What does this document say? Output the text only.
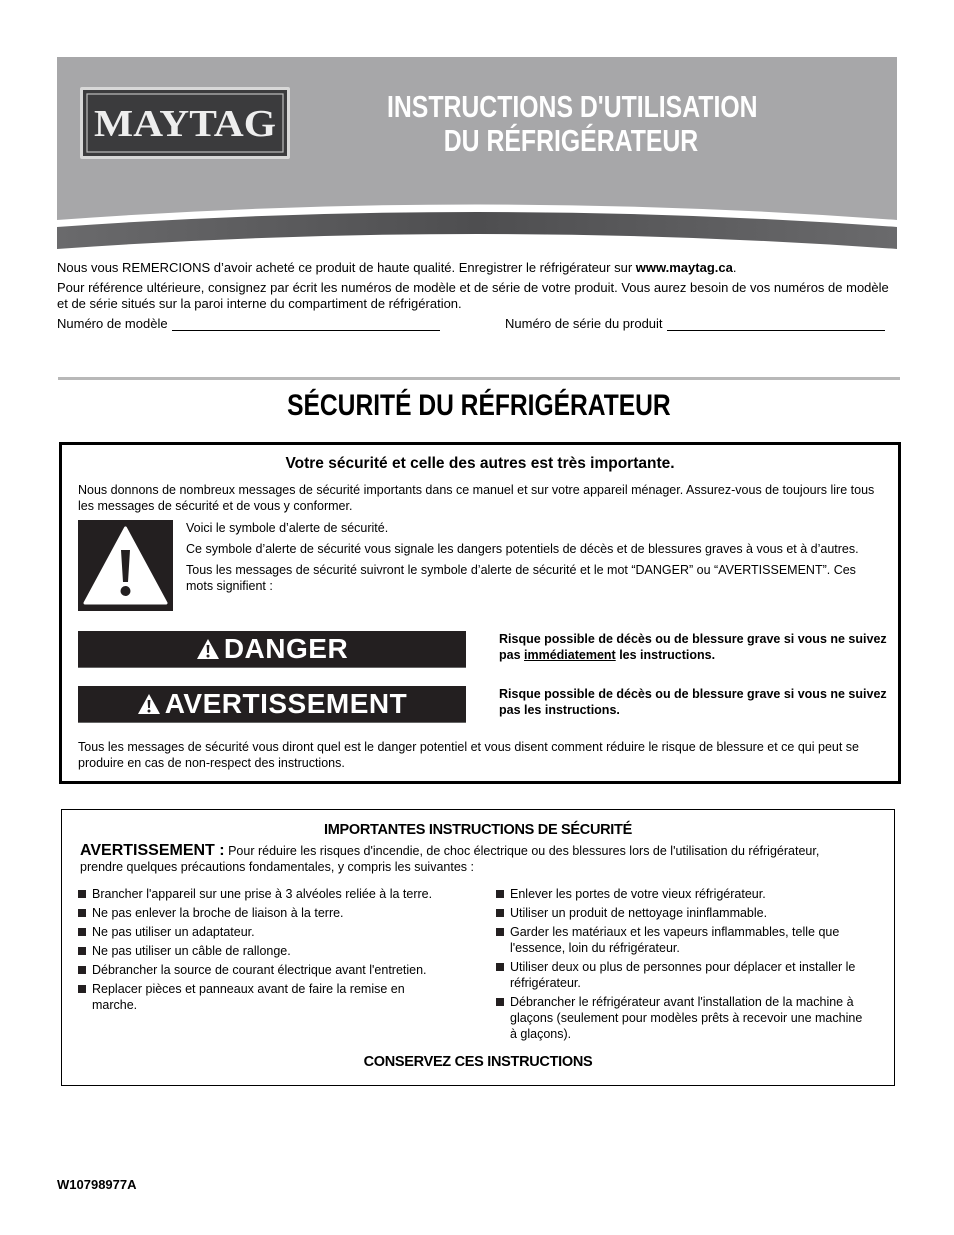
MAYTAG	INSTRUCTIONS D'UTILISATION
DU RÉFRIGÉRATEUR

Nous vous REMERCIONS d’avoir acheté ce produit de haute qualité. Enregistrer le réfrigérateur sur www.maytag.ca.

Pour référence ultérieure, consignez par écrit les numéros de modèle et de série de votre produit. Vous aurez besoin de vos numéros de modèle et de série situés sur la paroi interne du compartiment de réfrigération.

Numéro de modèle	Numéro de série du produit
SÉCURITÉ DU RÉFRIGÉRATEUR
Votre sécurité et celle des autres est très importante.

Nous donnons de nombreux messages de sécurité importants dans ce manuel et sur votre appareil ménager. Assurez-vous de toujours lire tous les messages de sécurité et de vous y conformer.

Voici le symbole d’alerte de sécurité.

Ce symbole d’alerte de sécurité vous signale les dangers potentiels de décès et de blessures graves à vous et à d’autres.

Tous les messages de sécurité suivront le symbole d’alerte de sécurité et le mot “DANGER” ou “AVERTISSEMENT”. Ces mots signifient :

DANGER	Risque possible de décès ou de blessure grave si vous ne suivez pas immédiatement les instructions.

AVERTISSEMENT	Risque possible de décès ou de blessure grave si vous ne suivez pas les instructions.

Tous les messages de sécurité vous diront quel est le danger potentiel et vous disent comment réduire le risque de blessure et ce qui peut se produire en cas de non-respect des instructions.

IMPORTANTES INSTRUCTIONS DE SÉCURITÉ

AVERTISSEMENT : Pour réduire les risques d'incendie, de choc électrique ou des blessures lors de l'utilisation du réfrigérateur, prendre quelques précautions fondamentales, y compris les suivantes :

Brancher l'appareil sur une prise à 3 alvéoles reliée à la terre.
Ne pas enlever la broche de liaison à la terre.
Ne pas utiliser un adaptateur.
Ne pas utiliser un câble de rallonge.
Débrancher la source de courant électrique avant l'entretien.
Replacer pièces et panneaux avant de faire la remise en marche.
Enlever les portes de votre vieux réfrigérateur.
Utiliser un produit de nettoyage ininflammable.
Garder les matériaux et les vapeurs inflammables, telle que l'essence, loin du réfrigérateur.
Utiliser deux ou plus de personnes pour déplacer et installer le réfrigérateur.
Débrancher le réfrigérateur avant l'installation de la machine à glaçons (seulement pour modèles prêts à recevoir une machine à glaçons).
CONSERVEZ CES INSTRUCTIONS
W10798977A
